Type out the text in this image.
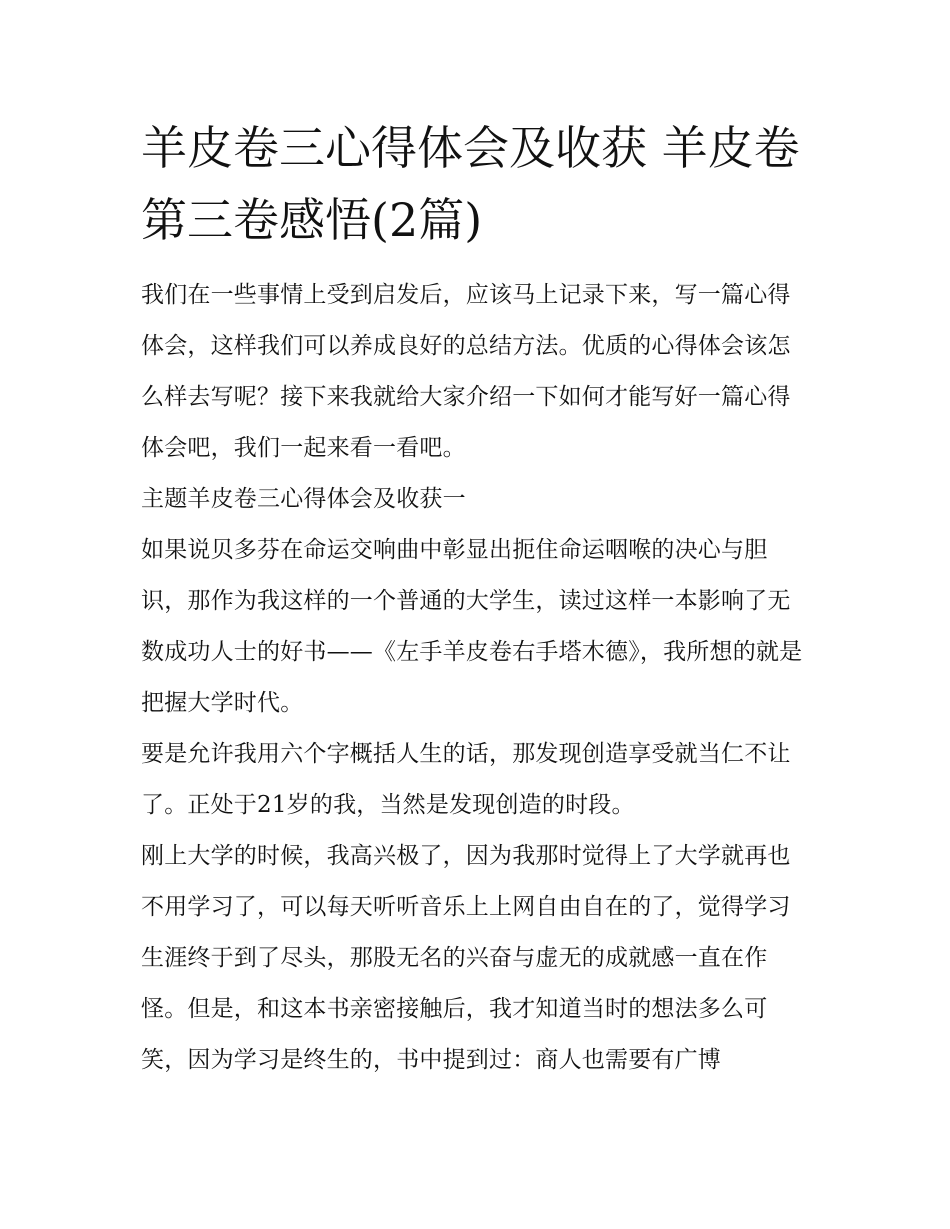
羊皮卷三心得体会及收获 羊皮卷第三卷感悟(2篇)

我们在一些事情上受到启发后，应该马上记录下来，写一篇心得体会，这样我们可以养成良好的总结方法。优质的心得体会该怎么样去写呢？接下来我就给大家介绍一下如何才能写好一篇心得体会吧，我们一起来看一看吧。

主题羊皮卷三心得体会及收获一

如果说贝多芬在命运交响曲中彰显出扼住命运咽喉的决心与胆识，那作为我这样的一个普通的大学生，读过这样一本影响了无数成功人士的好书——《左手羊皮卷右手塔木德》，我所想的就是把握大学时代。

要是允许我用六个字概括人生的话，那发现创造享受就当仁不让了。正处于21岁的我，当然是发现创造的时段。

刚上大学的时候，我高兴极了，因为我那时觉得上了大学就再也不用学习了，可以每天听听音乐上上网自由自在的了，觉得学习生涯终于到了尽头，那股无名的兴奋与虚无的成就感一直在作怪。但是，和这本书亲密接触后，我才知道当时的想法多么可笑，因为学习是终生的，书中提到过：商人也需要有广博
